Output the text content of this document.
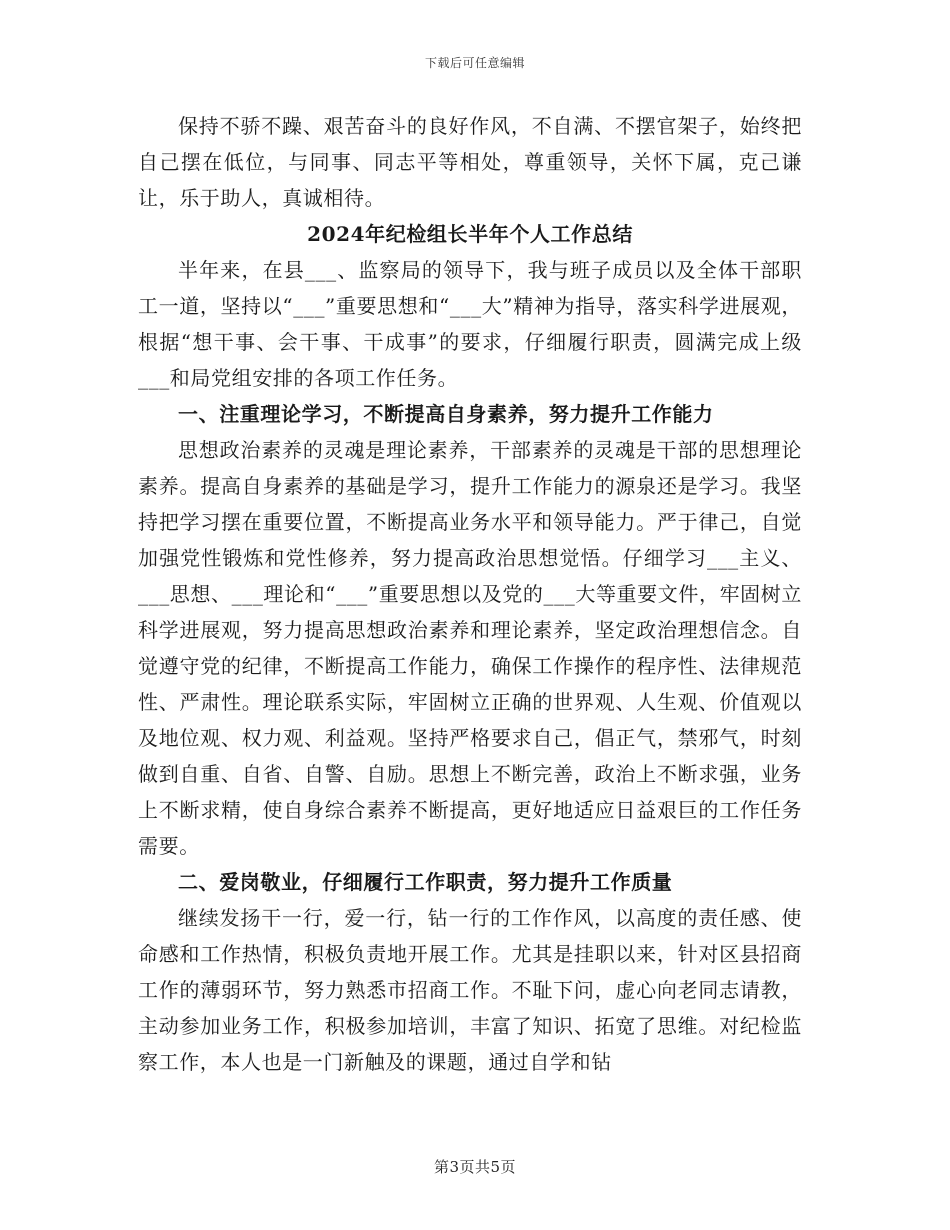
下载后可任意编辑

保持不骄不躁、艰苦奋斗的良好作风，不自满、不摆官架子，始终把自己摆在低位，与同事、同志平等相处，尊重领导，关怀下属，克己谦让，乐于助人，真诚相待。

2024年纪检组长半年个人工作总结

半年来，在县___、监察局的领导下，我与班子成员以及全体干部职工一道，坚持以“___”重要思想和“___大”精神为指导，落实科学进展观，根据“想干事、会干事、干成事”的要求，仔细履行职责，圆满完成上级___和局党组安排的各项工作任务。

一、注重理论学习，不断提高自身素养，努力提升工作能力

思想政治素养的灵魂是理论素养，干部素养的灵魂是干部的思想理论素养。提高自身素养的基础是学习，提升工作能力的源泉还是学习。我坚持把学习摆在重要位置，不断提高业务水平和领导能力。严于律己，自觉加强党性锻炼和党性修养，努力提高政治思想觉悟。仔细学习___主义、___思想、___理论和“___”重要思想以及党的___大等重要文件，牢固树立科学进展观，努力提高思想政治素养和理论素养，坚定政治理想信念。自觉遵守党的纪律，不断提高工作能力，确保工作操作的程序性、法律规范性、严肃性。理论联系实际，牢固树立正确的世界观、人生观、价值观以及地位观、权力观、利益观。坚持严格要求自己，倡正气，禁邪气，时刻做到自重、自省、自警、自励。思想上不断完善，政治上不断求强，业务上不断求精，使自身综合素养不断提高，更好地适应日益艰巨的工作任务需要。

二、爱岗敬业，仔细履行工作职责，努力提升工作质量

继续发扬干一行，爱一行，钻一行的工作作风，以高度的责任感、使命感和工作热情，积极负责地开展工作。尤其是挂职以来，针对区县招商工作的薄弱环节，努力熟悉市招商工作。不耻下问，虚心向老同志请教，主动参加业务工作，积极参加培训，丰富了知识、拓宽了思维。对纪检监察工作，本人也是一门新触及的课题，通过自学和钻

第3页共5页
